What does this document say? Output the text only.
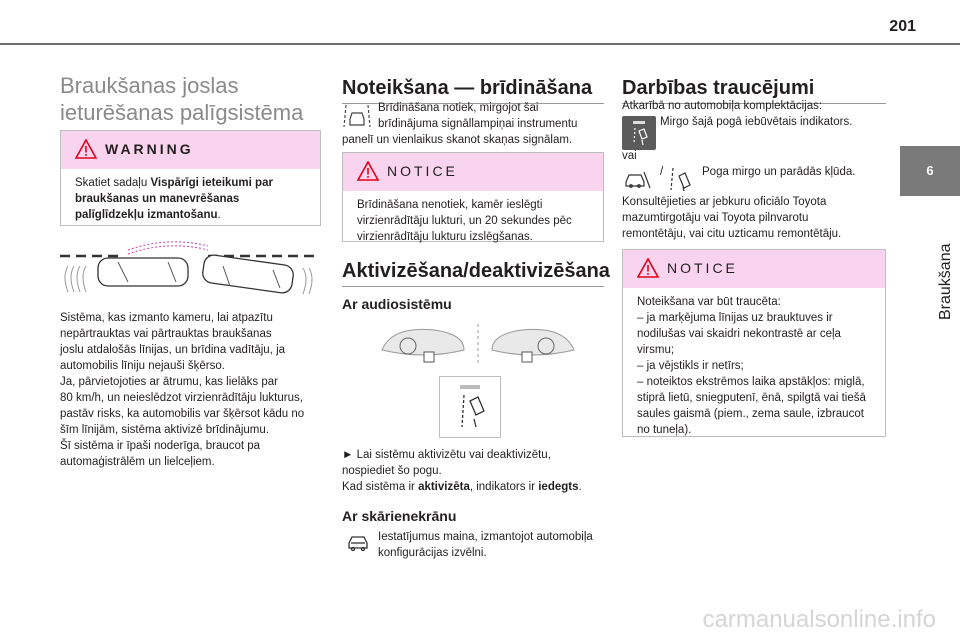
201
6
Braukšana
Braukšanas joslas
ieturēšanas palīgsistēma
WARNING
Skatiet sadaļu Vispārīgi ieteikumi par
braukšanas un manevrēšanas
palīglīdzekļu izmantošanu.
Sistēma, kas izmanto kameru, lai atpazītu
nepārtrauktas vai pārtrauktas braukšanas
joslu atdalošās līnijas, un brīdina vadītāju, ja
automobilis līniju nejauši šķērso.
Ja, pārvietojoties ar ātrumu, kas lielāks par
80 km/h, un neieslēdzot virzienrādītāju lukturus,
pastāv risks, ka automobilis var šķērsot kādu no
šīm līnijām, sistēma aktivizē brīdinājumu.
Šī sistēma ir īpaši noderīga, braucot pa
automaģistrālēm un lielceļiem.
Noteikšana — brīdināšana
Brīdināšana notiek, mirgojot šai
brīdinājuma signāllampiņai instrumentu
panelī un vienlaikus skanot skaņas signālam.
NOTICE
Brīdināšana nenotiek, kamēr ieslēgti
virzienrādītāju lukturi, un 20 sekundes pēc
virzienrādītāju lukturu izslēgšanas.
Aktivizēšana/deaktivizēšana
Ar audiosistēmu
► Lai sistēmu aktivizētu vai deaktivizētu,
nospiediet šo pogu.
Kad sistēma ir aktivizēta, indikators ir iedegts.
Ar skārienekrānu
Iestatījumus maina, izmantojot automobiļa
konfigurācijas izvēlni.
Darbības traucējumi
Atkarībā no automobiļa komplektācijas:
Mirgo šajā pogā iebūvētais indikators.
vai
/	Poga mirgo un parādās kļūda.
Konsultējieties ar jebkuru oficiālo Toyota
mazumtirgotāju vai Toyota pilnvarotu
remontētāju, vai citu uzticamu remontētāju.
NOTICE
Noteikšana var būt traucēta:
– ja marķējuma līnijas uz brauktuves ir
nodilušas vai skaidri nekontrastē ar ceļa
virsmu;
– ja vējstikls ir netīrs;
– noteiktos ekstrēmos laika apstākļos: miglā,
stiprā lietū, sniegputenī, ēnā, spilgtā vai tiešā
saules gaismā (piem., zema saule, izbraucot
no tuneļa).
carmanualsonline.info
